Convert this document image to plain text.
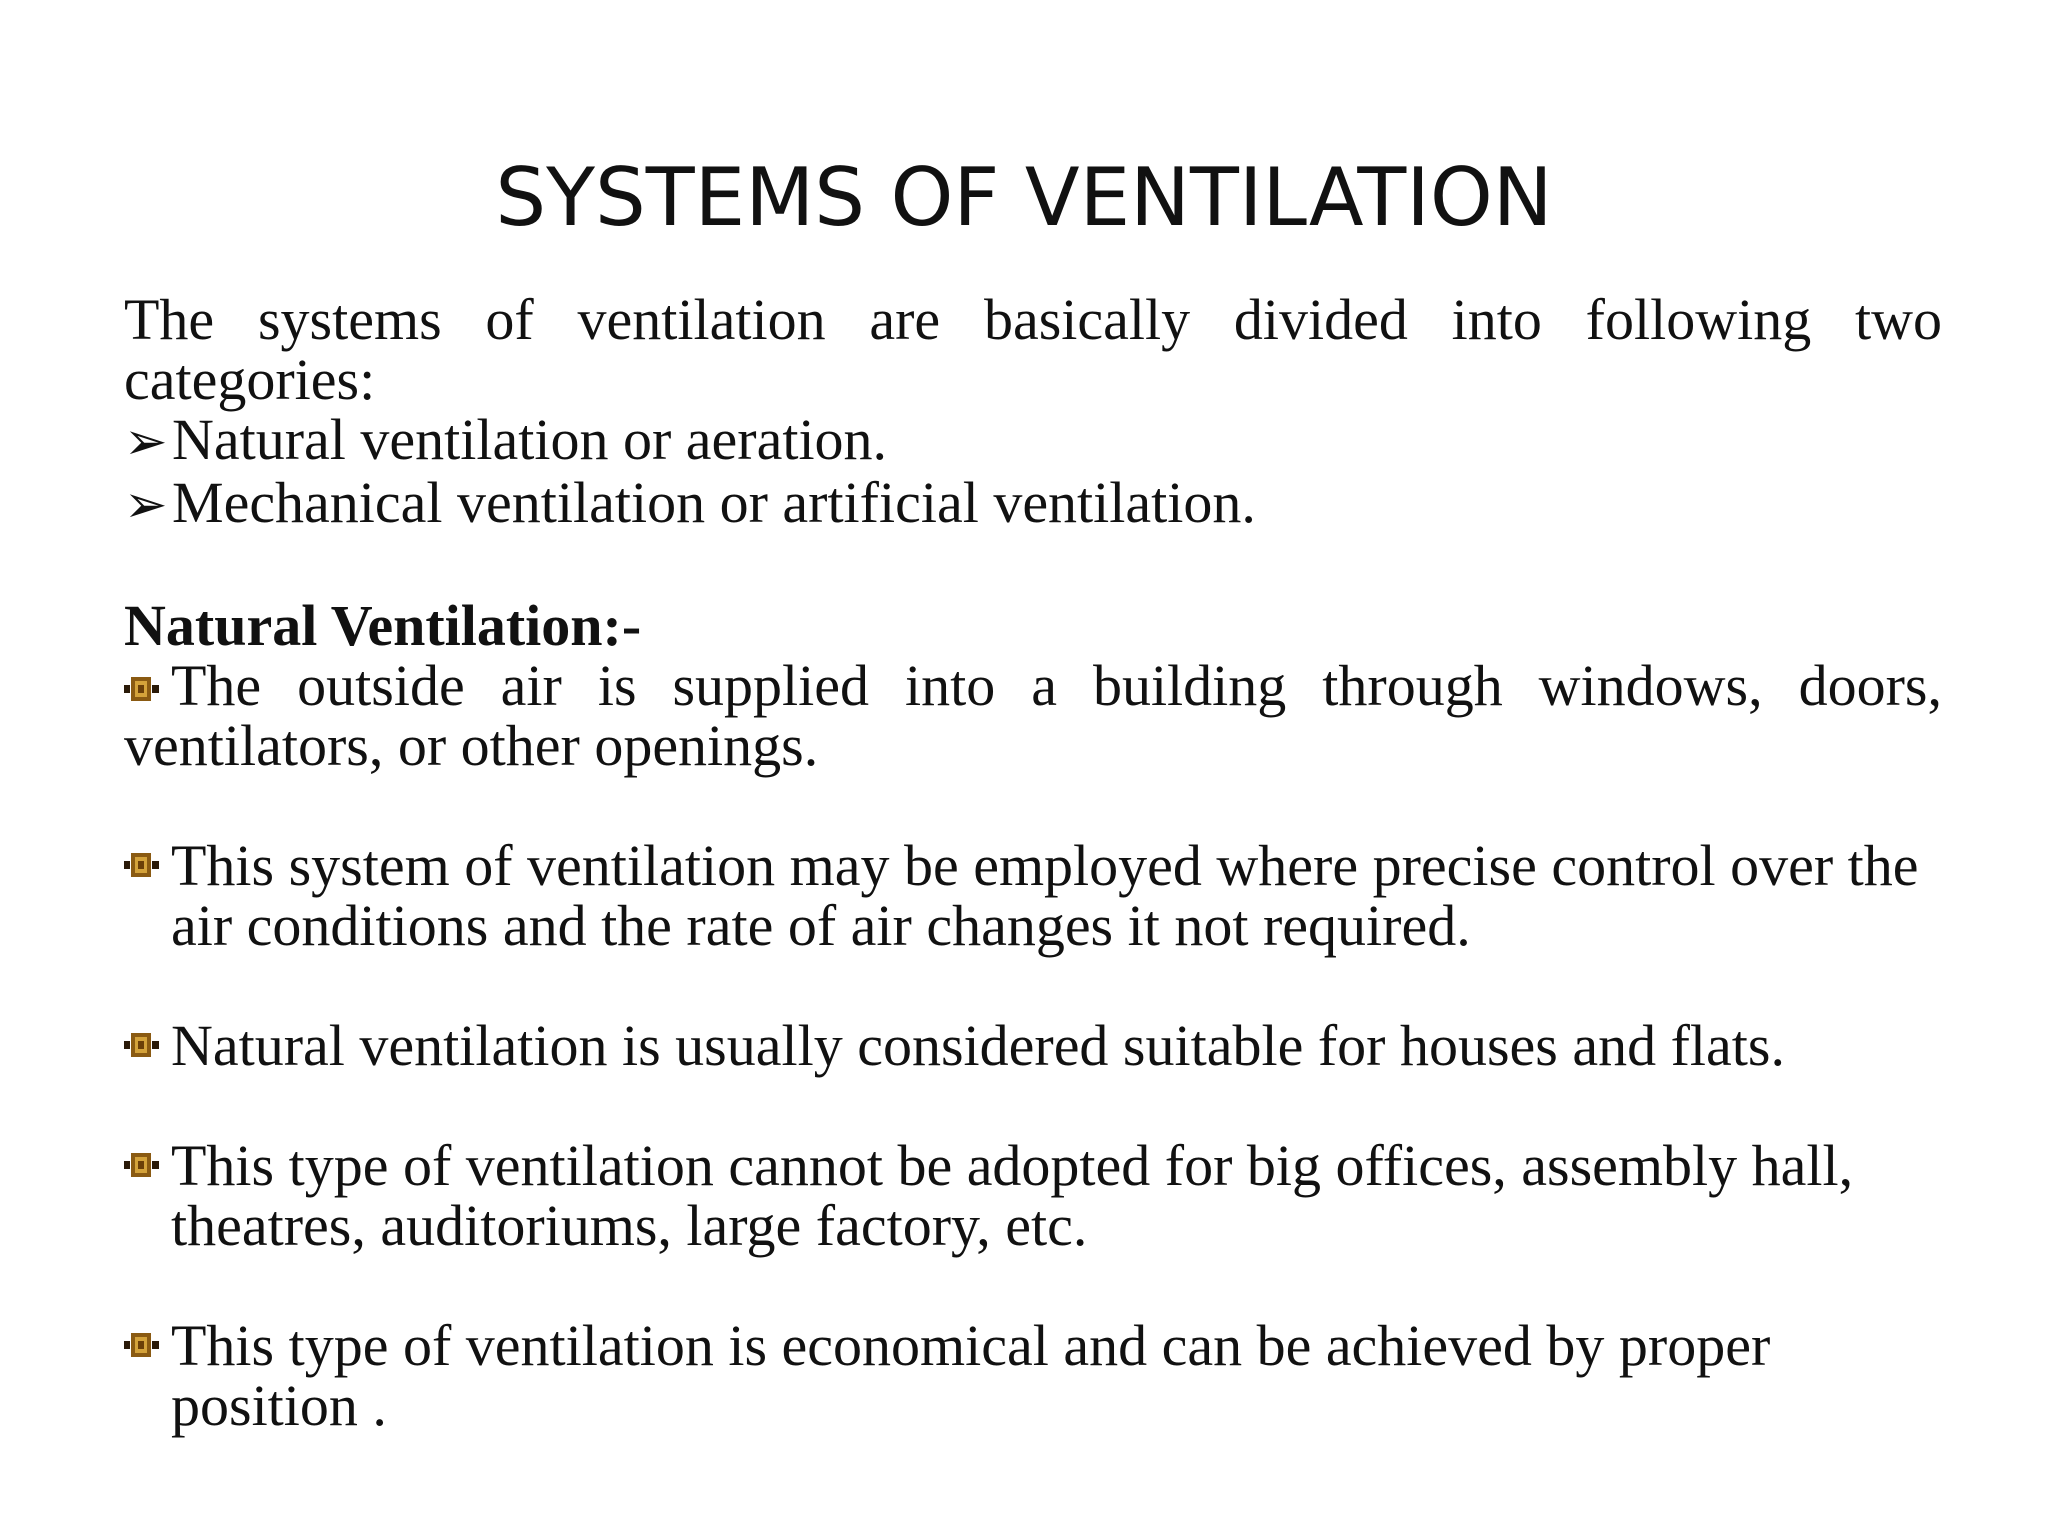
SYSTEMS OF VENTILATION

The systems of ventilation are basically divided into following two categories:

➢ Natural ventilation or aeration.

➢ Mechanical ventilation or artificial ventilation.

Natural Ventilation:-

The outside air is supplied into a building through windows, doors, ventilators, or other openings.

This system of ventilation may be employed where precise control over the air conditions and the rate of air changes it not required.

Natural ventilation is usually considered suitable for houses and flats.

This type of ventilation cannot be adopted for big offices, assembly hall, theatres, auditoriums, large factory, etc.

This type of ventilation is economical and can be achieved by proper position .
